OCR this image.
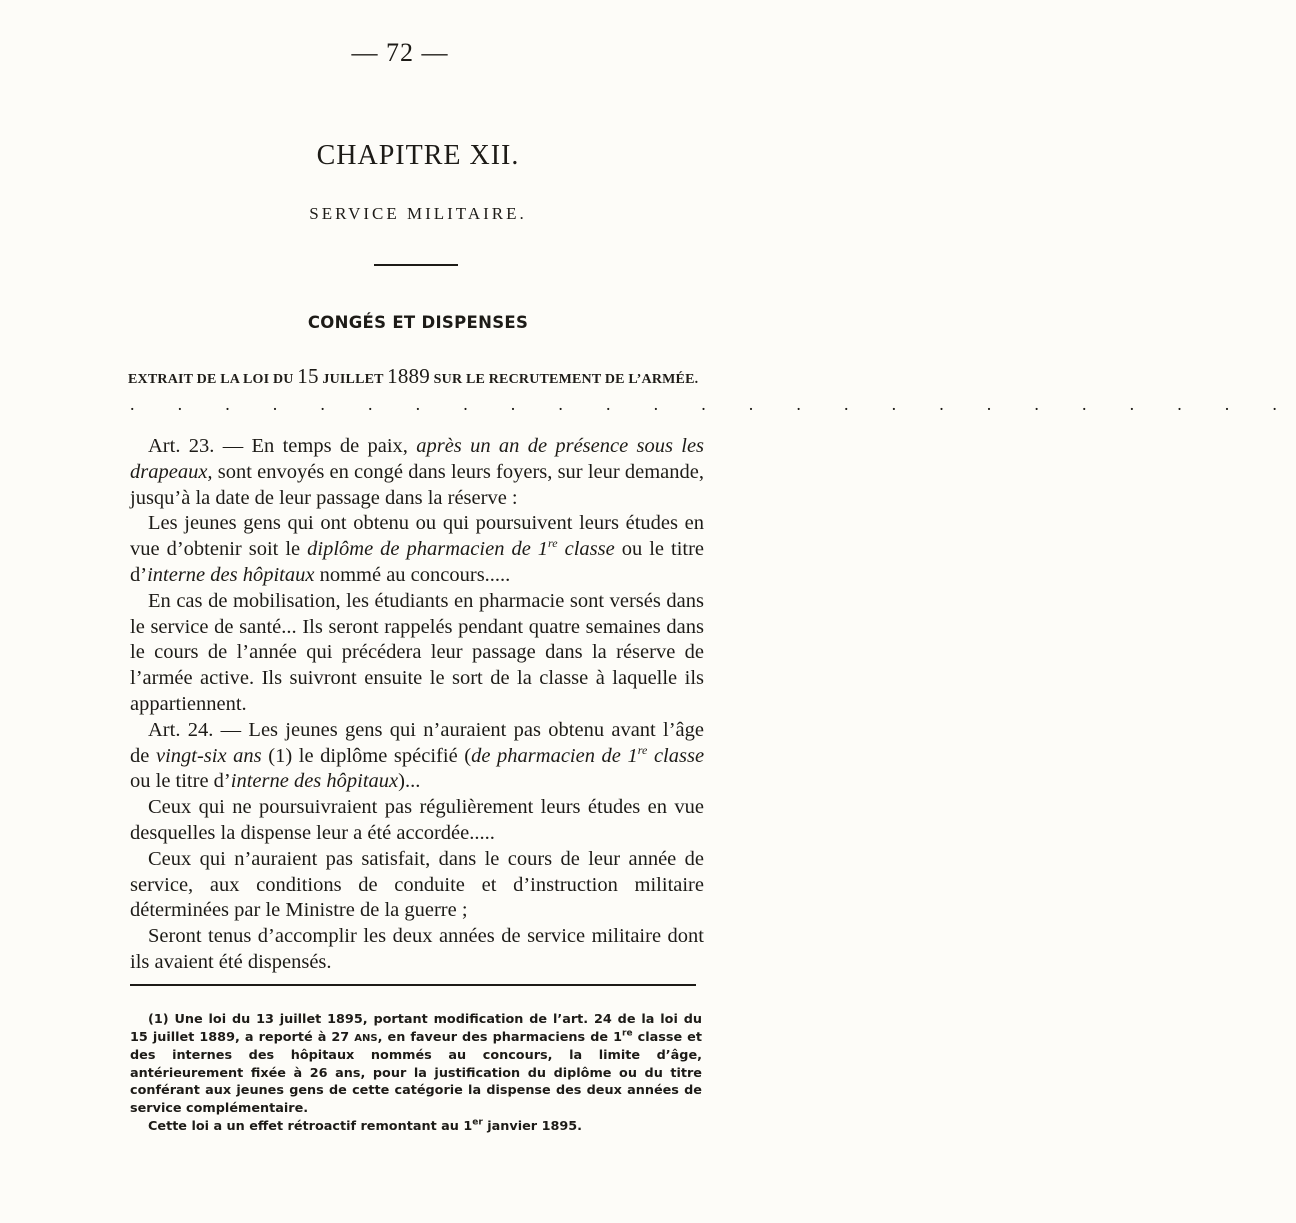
— 72 —
CHAPITRE XII.
SERVICE MILITAIRE.
CONGÉS ET DISPENSES
EXTRAIT DE LA LOI DU 15 JUILLET 1889 SUR LE RECRUTEMENT DE L’ARMÉE.
. . . . . . . . . . . . . . . . . . . . . . . . .

Art. 23. — En temps de paix, après un an de présence sous les drapeaux, sont envoyés en congé dans leurs foyers, sur leur demande, jusqu’à la date de leur passage dans la réserve :

Les jeunes gens qui ont obtenu ou qui poursuivent leurs études en vue d’obtenir soit le diplôme de pharmacien de 1re classe ou le titre d’interne des hôpitaux nommé au concours.....

En cas de mobilisation, les étudiants en pharmacie sont versés dans le service de santé... Ils seront rappelés pendant quatre semaines dans le cours de l’année qui précédera leur passage dans la réserve de l’armée active. Ils suivront ensuite le sort de la classe à laquelle ils appartiennent.

Art. 24. — Les jeunes gens qui n’auraient pas obtenu avant l’âge de vingt-six ans (1) le diplôme spécifié (de pharmacien de 1re classe ou le titre d’interne des hôpitaux)...

Ceux qui ne poursuivraient pas régulièrement leurs études en vue desquelles la dispense leur a été accordée.....

Ceux qui n’auraient pas satisfait, dans le cours de leur année de service, aux conditions de conduite et d’instruction militaire déterminées par le Ministre de la guerre ;

Seront tenus d’accomplir les deux années de service militaire dont ils avaient été dispensés.

(1) Une loi du 13 juillet 1895, portant modification de l’art. 24 de la loi du 15 juillet 1889, a reporté à 27 ANS, en faveur des pharmaciens de 1re classe et des internes des hôpitaux nommés au concours, la limite d’âge, antérieurement fixée à 26 ans, pour la justification du diplôme ou du titre conférant aux jeunes gens de cette catégorie la dispense des deux années de service complémentaire.

Cette loi a un effet rétroactif remontant au 1er janvier 1895.
